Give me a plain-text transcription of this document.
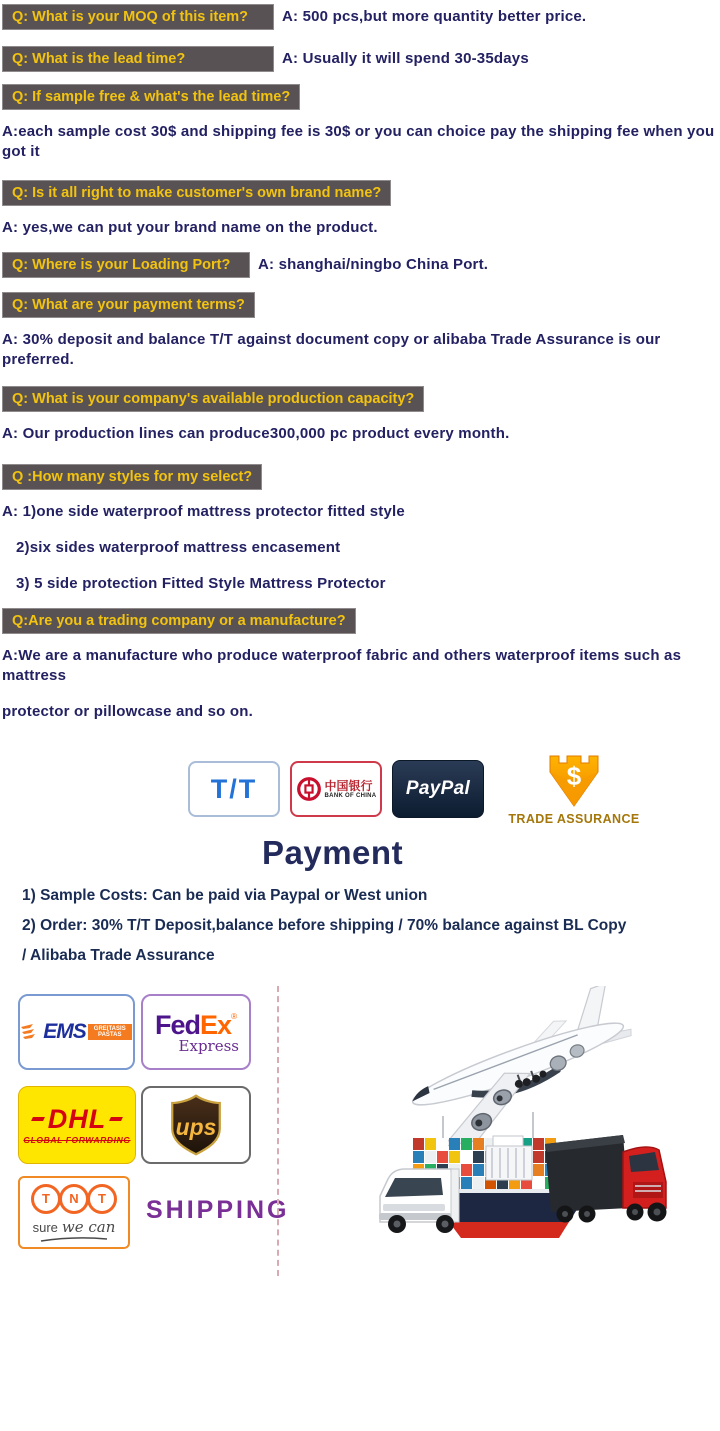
Q: What is your MOQ of this item?	A: 500 pcs,but more quantity better price.
Q: What is the lead time?	A: Usually it will spend 30-35days
Q: If sample free & what's the lead time?
A:each sample cost 30$ and shipping fee is 30$ or you can choice pay the shipping fee when you got it
Q: Is it all right to make customer's own brand name?
A: yes,we can put your brand name on the product.
Q: Where is your Loading Port?	A: shanghai/ningbo China Port.
Q: What are your payment terms?
A: 30% deposit and balance T/T against document copy or alibaba Trade Assurance is our preferred.
Q: What is your company's available production capacity?
A: Our production lines can produce300,000 pc product every month.
Q :How many styles for my select?
A: 1)one side waterproof mattress protector fitted style
2)six sides waterproof mattress encasement
3) 5 side protection Fitted Style Mattress Protector
Q:Are you a trading company or a manufacture?
A:We are a manufacture who produce waterproof fabric and others waterproof items such as mattress
protector or pillowcase and so on.
T/T	中国银行
BANK OF CHINA PayPal	$
TRADE ASSURANCE
Payment
1) Sample Costs: Can be paid via Paypal or West union
2) Order: 30% T/T Deposit,balance before shipping / 70% balance against BL Copy
/ Alibaba Trade Assurance
EMS	GREITASIS PAŠTAS	Fed Ex ®
Express
DHL
GLOBAL FORWARDING ups
T	N	T
sure we can
SHIPPING
